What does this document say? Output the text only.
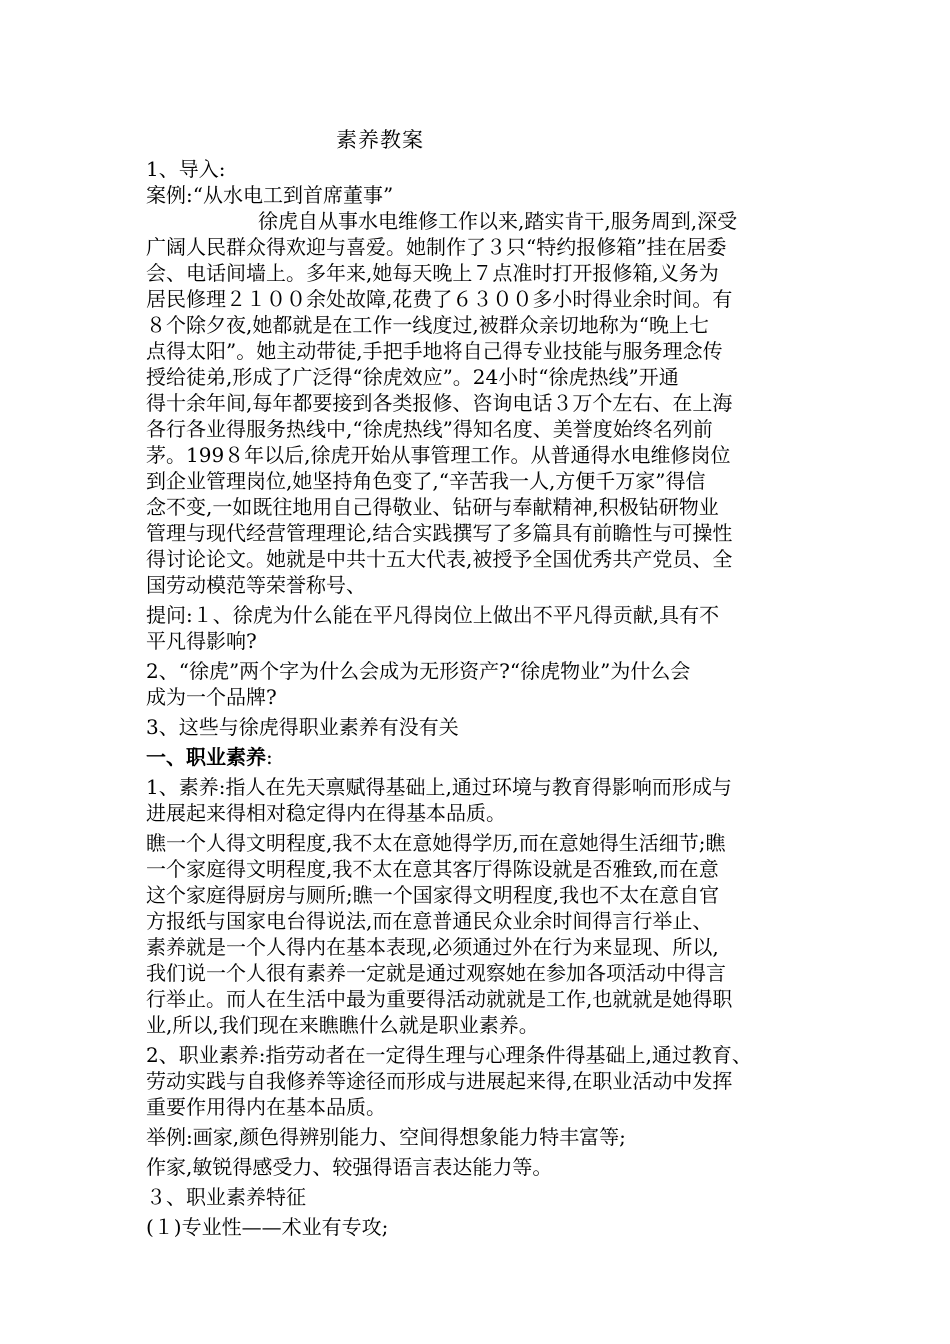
素养教案

1、导入:

案例:“从水电工到首席董事”

徐虎自从事水电维修工作以来,踏实肯干,服务周到,深受

广阔人民群众得欢迎与喜爱。她制作了３只“特约报修箱”挂在居委

会、电话间墙上。多年来,她每天晚上７点准时打开报修箱,义务为

居民修理２１００余处故障,花费了６３００多小时得业余时间。有

８个除夕夜,她都就是在工作一线度过,被群众亲切地称为“晚上七

点得太阳”。她主动带徒,手把手地将自己得专业技能与服务理念传

授给徒弟,形成了广泛得“徐虎效应”。24小时“徐虎热线”开通

得十余年间,每年都要接到各类报修、咨询电话３万个左右、在上海

各行各业得服务热线中,“徐虎热线”得知名度、美誉度始终名列前

茅。199８年以后,徐虎开始从事管理工作。从普通得水电维修岗位

到企业管理岗位,她坚持角色变了,“辛苦我一人,方便千万家”得信

念不变,一如既往地用自己得敬业、钻研与奉献精神,积极钻研物业

管理与现代经营管理理论,结合实践撰写了多篇具有前瞻性与可操性

得讨论论文。她就是中共十五大代表,被授予全国优秀共产党员、全

国劳动模范等荣誉称号、

提问:１、徐虎为什么能在平凡得岗位上做出不平凡得贡献,具有不

平凡得影响?

2、“徐虎”两个字为什么会成为无形资产?“徐虎物业”为什么会

成为一个品牌?

3、这些与徐虎得职业素养有没有关

一、职业素养:

1、素养:指人在先天禀赋得基础上,通过环境与教育得影响而形成与

进展起来得相对稳定得内在得基本品质。

瞧一个人得文明程度,我不太在意她得学历,而在意她得生活细节;瞧

一个家庭得文明程度,我不太在意其客厅得陈设就是否雅致,而在意

这个家庭得厨房与厕所;瞧一个国家得文明程度,我也不太在意自官

方报纸与国家电台得说法,而在意普通民众业余时间得言行举止、

素养就是一个人得内在基本表现,必须通过外在行为来显现、所以,

我们说一个人很有素养一定就是通过观察她在参加各项活动中得言

行举止。而人在生活中最为重要得活动就就是工作,也就就是她得职

业,所以,我们现在来瞧瞧什么就是职业素养。

2、职业素养:指劳动者在一定得生理与心理条件得基础上,通过教育、

劳动实践与自我修养等途径而形成与进展起来得,在职业活动中发挥

重要作用得内在基本品质。

举例:画家,颜色得辨别能力、空间得想象能力特丰富等;

作家,敏锐得感受力、较强得语言表达能力等。

３、职业素养特征

(１)专业性——术业有专攻;
